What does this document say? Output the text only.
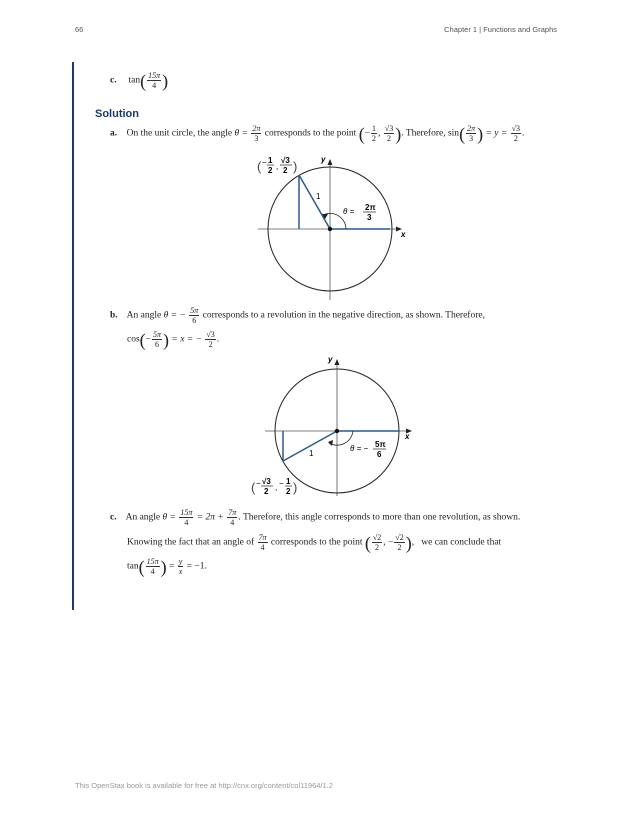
66	Chapter 1 | Functions and Graphs
c. $\tan( \frac{15\pi}{4}$ )
Solution
a. On the unit circle, the angle $\theta = \frac{2\pi}{3}$ corresponds to the point (− $\frac{1}{2}$ , $\frac{√3}{2}$ ). Therefore, $\sin( \frac{2\pi}{3}$ ) = $y = \frac{√3}{2}$ .
x
y
1
θ = 2π
3
( − 1
2 ,
√3
2 )
b. An angle θ = − $\frac{5\pi}{6}$ corresponds to a revolution in the negative direction, as shown. Therefore,
$\cos(- \frac{5\pi}{6}$ ) = x = − $\frac{√3}{2}$ .
x
y
1
θ = − 5π
6
( − √3
2 , − 1
2 )
c. An angle $\theta = \frac{15\pi}{4} = 2\pi + \frac{7\pi}{4}$ . Therefore, this angle corresponds to more than one revolution, as shown.
Knowing the fact that an angle of $\frac{7\pi}{4}$ corresponds to the point ( $\frac{√2}{2}$ , − $\frac{√2}{2}$ ),   we can conclude that
$\tan( \frac{15\pi}{4}$ ) = $\frac{y}{x} = -1$.
This OpenStax book is available for free at http://cnx.org/content/col11964/1.2
